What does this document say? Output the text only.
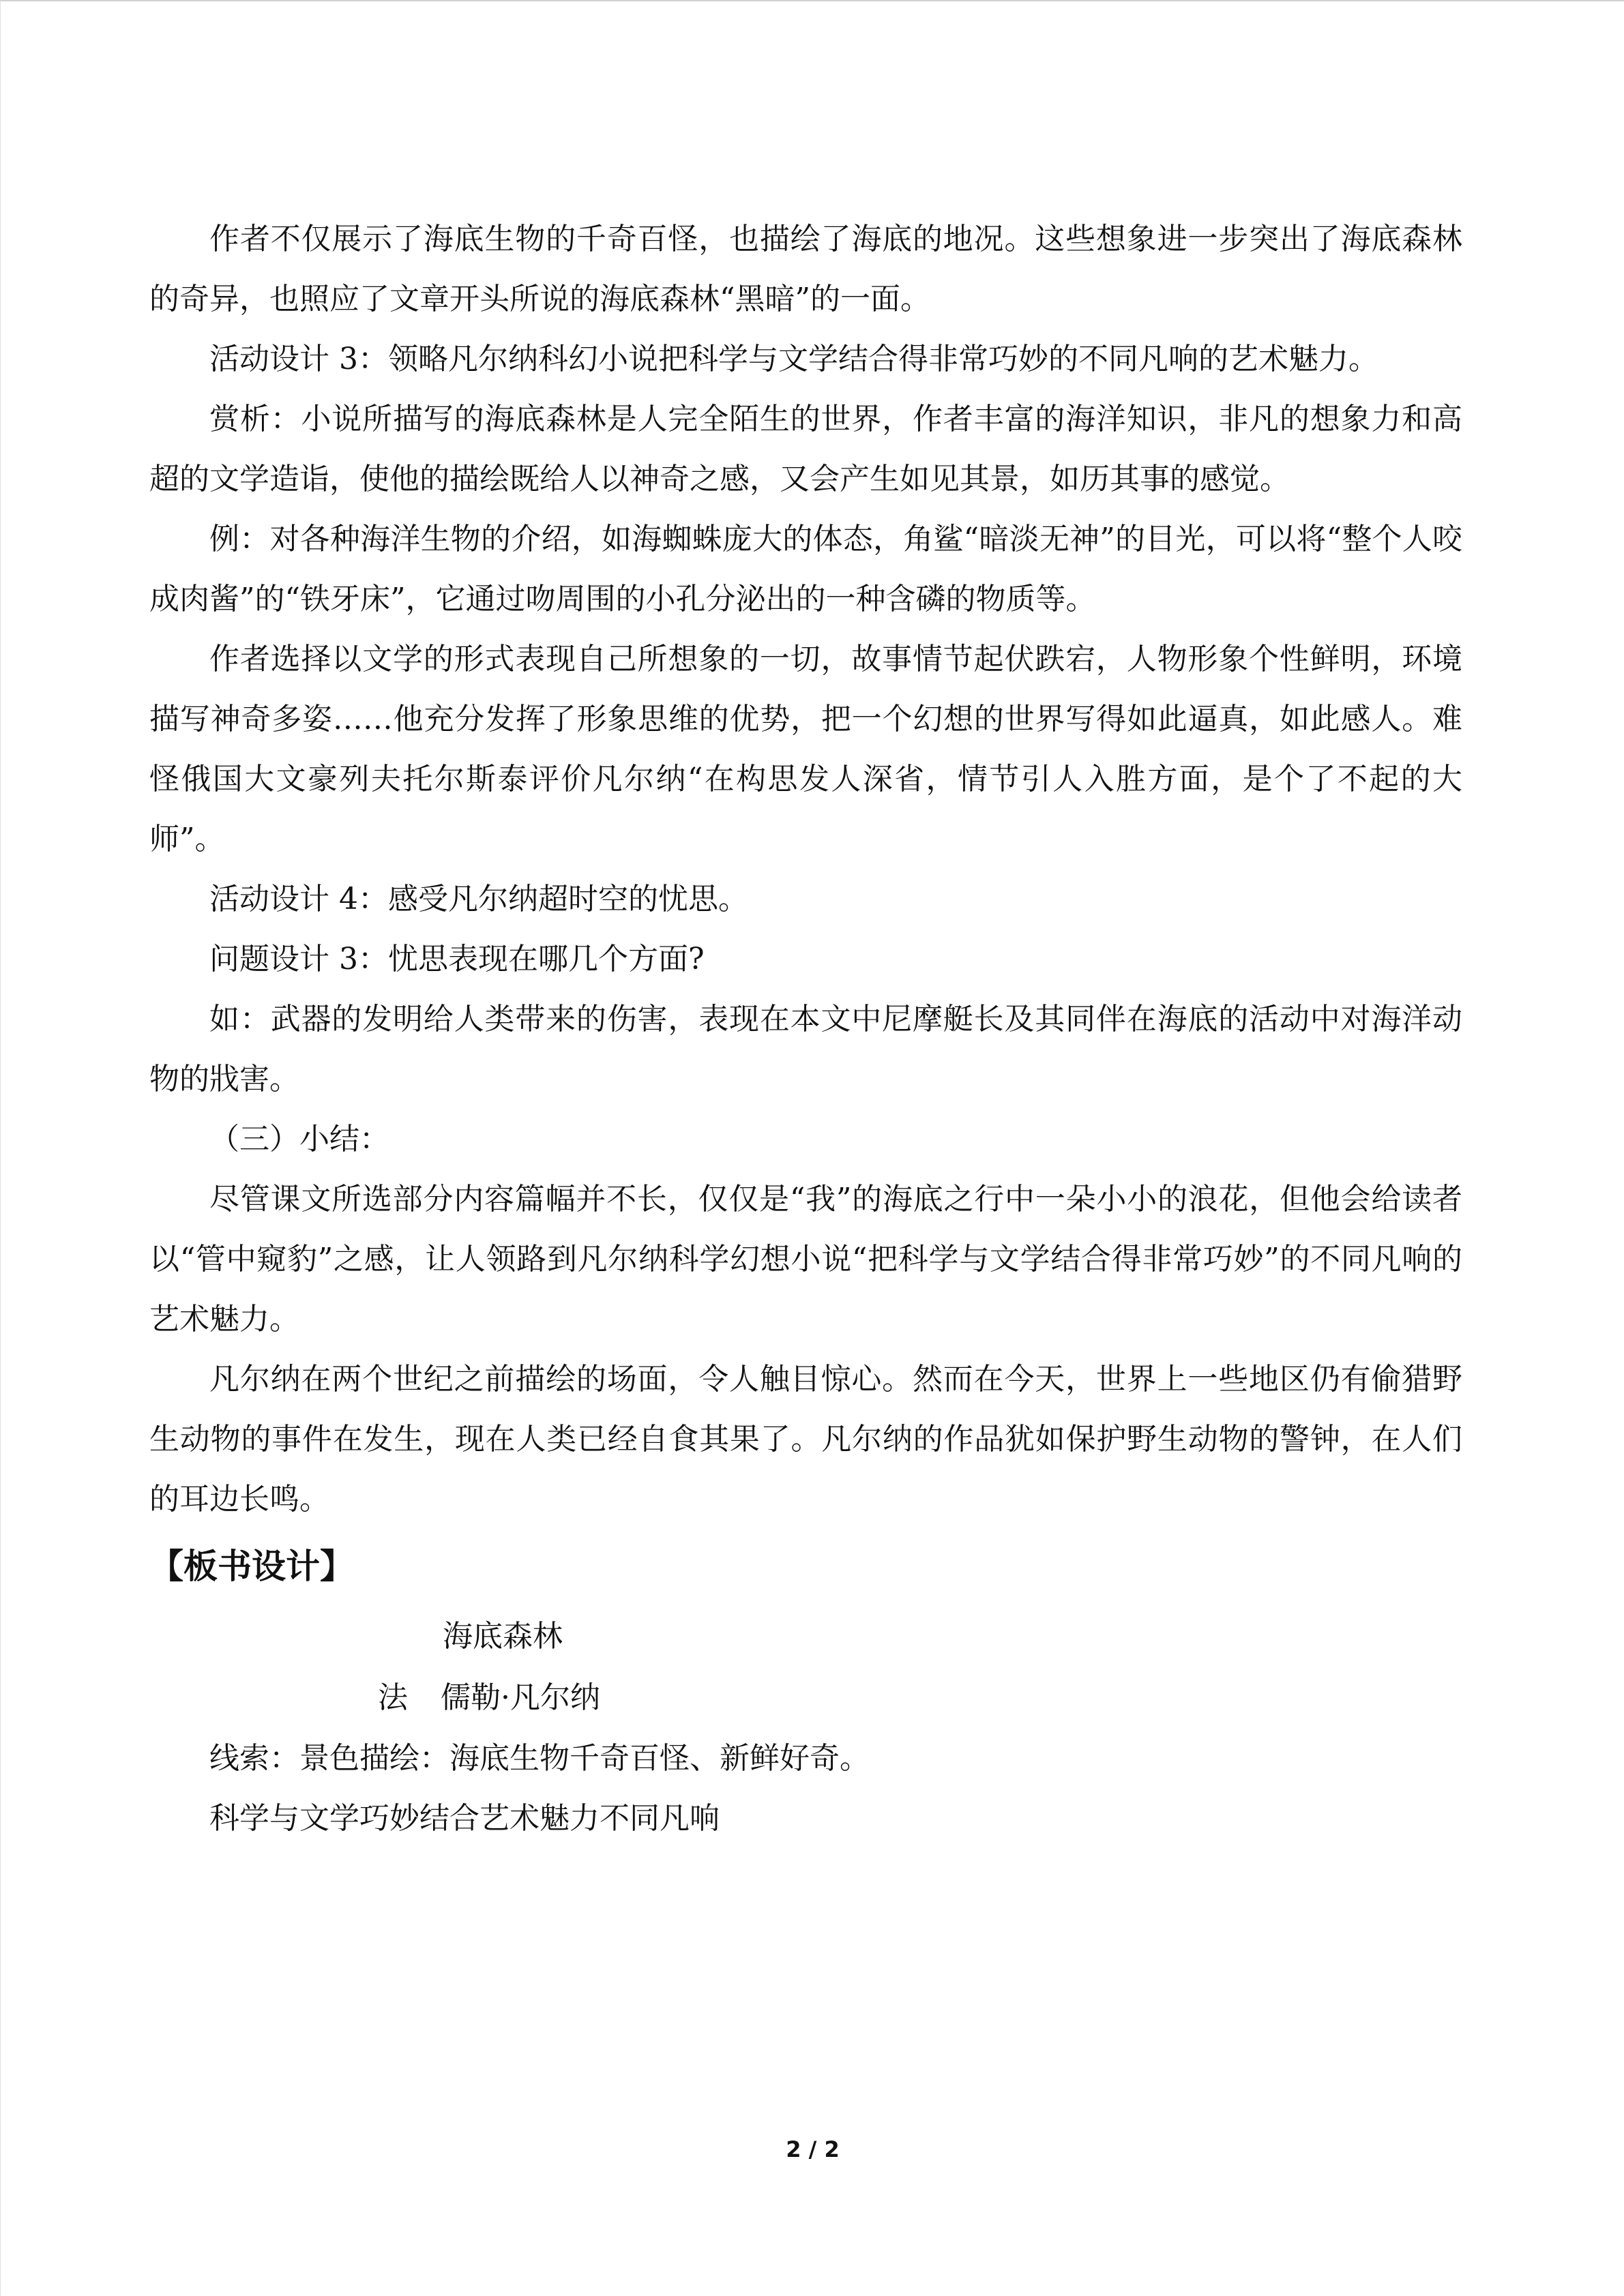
作者不仅展示了海底生物的千奇百怪，也描绘了海底的地况。这些想象进一步突出了海底森林的奇异，也照应了文章开头所说的海底森林“黑暗”的一面。

活动设计 3：领略凡尔纳科幻小说把科学与文学结合得非常巧妙的不同凡响的艺术魅力。

赏析：小说所描写的海底森林是人完全陌生的世界，作者丰富的海洋知识，非凡的想象力和高超的文学造诣，使他的描绘既给人以神奇之感，又会产生如见其景，如历其事的感觉。

例：对各种海洋生物的介绍，如海蜘蛛庞大的体态，角鲨“暗淡无神”的目光，可以将“整个人咬成肉酱”的“铁牙床”，它通过吻周围的小孔分泌出的一种含磷的物质等。

作者选择以文学的形式表现自己所想象的一切，故事情节起伏跌宕，人物形象个性鲜明，环境描写神奇多姿……他充分发挥了形象思维的优势，把一个幻想的世界写得如此逼真，如此感人。难怪俄国大文豪列夫托尔斯泰评价凡尔纳“在构思发人深省，情节引人入胜方面，是个了不起的大师”。

活动设计 4：感受凡尔纳超时空的忧思。

问题设计 3：忧思表现在哪几个方面?

如：武器的发明给人类带来的伤害，表现在本文中尼摩艇长及其同伴在海底的活动中对海洋动物的戕害。

（三）小结：

尽管课文所选部分内容篇幅并不长，仅仅是“我”的海底之行中一朵小小的浪花，但他会给读者以“管中窥豹”之感，让人领路到凡尔纳科学幻想小说“把科学与文学结合得非常巧妙”的不同凡响的艺术魅力。

凡尔纳在两个世纪之前描绘的场面，令人触目惊心。然而在今天，世界上一些地区仍有偷猎野生动物的事件在发生，现在人类已经自食其果了。凡尔纳的作品犹如保护野生动物的警钟，在人们的耳边长鸣。

【板书设计】

海底森林

法 儒勒·凡尔纳

线索：景色描绘：海底生物千奇百怪、新鲜好奇。

科学与文学巧妙结合艺术魅力不同凡响

2 / 2
